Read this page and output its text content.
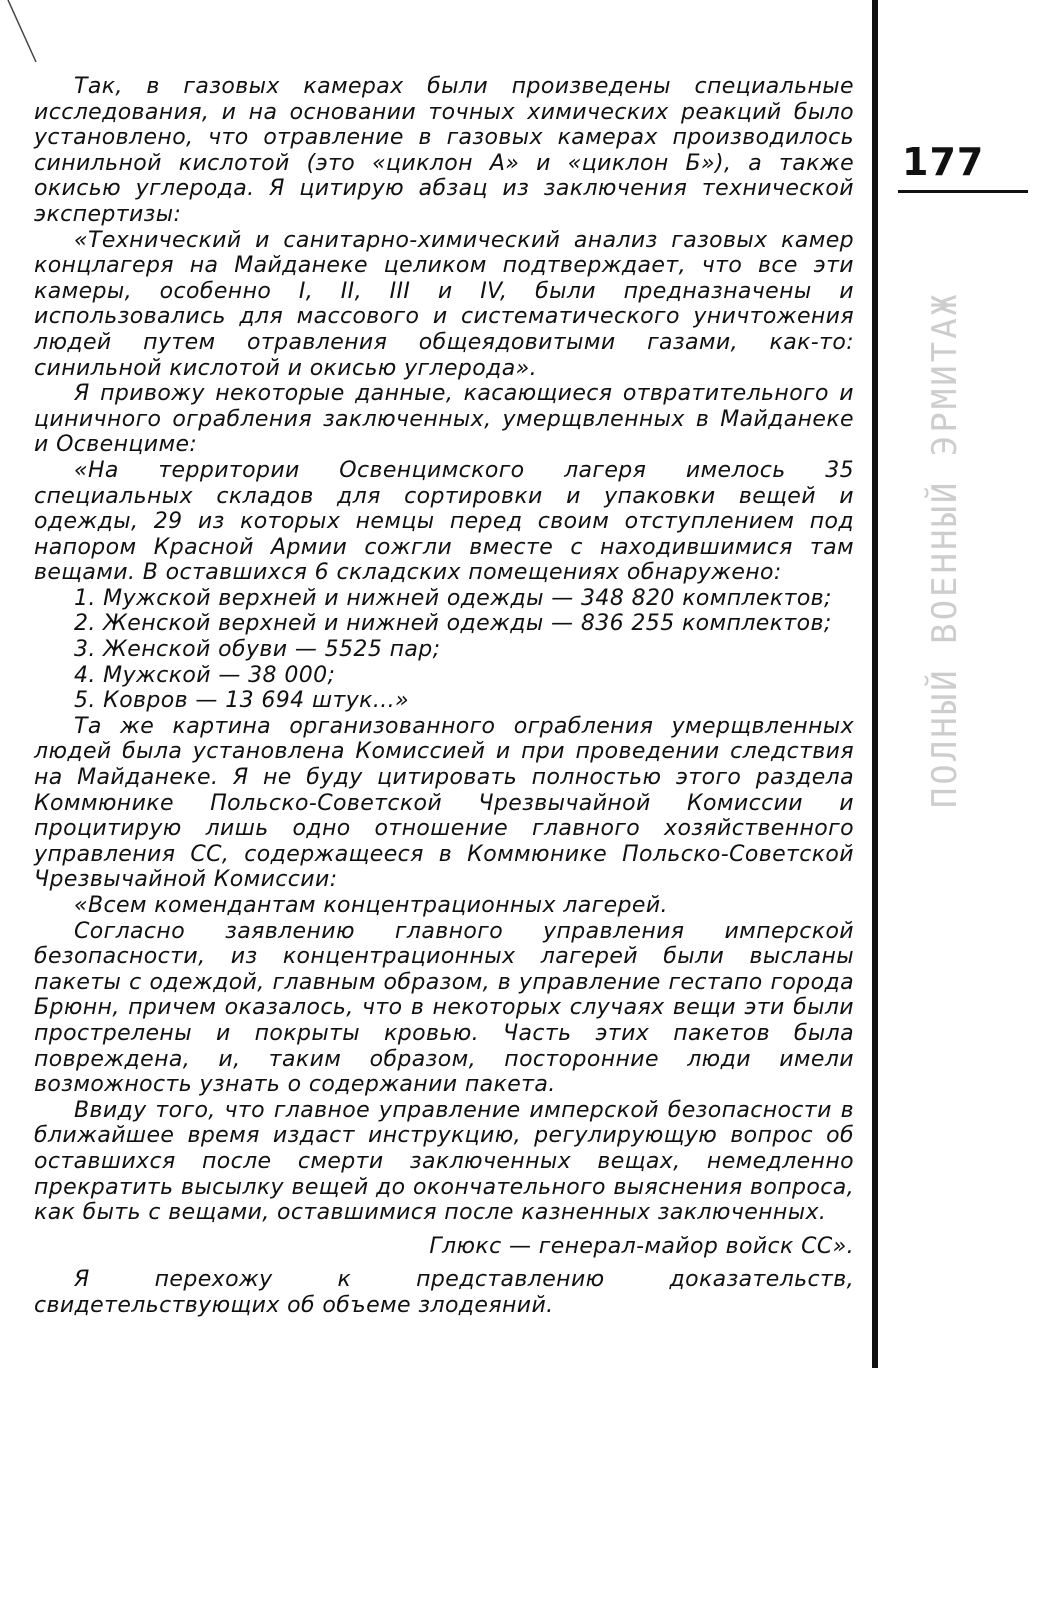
177
ПОЛНЫЙ ВОЕННЫЙ ЭРМИТАЖ

Так, в газовых камерах были произведены специальные исследования, и на основании точных химических реакций было установлено, что отравление в газовых камерах производилось синильной кислотой (это «циклон А» и «циклон Б»), а также окисью углерода. Я цитирую абзац из заключения технической экспертизы:

«Технический и санитарно-химический анализ газовых камер концлагеря на Майданеке целиком подтверждает, что все эти камеры, особенно I, II, III и IV, были предназначены и использовались для массового и систематического уничтожения людей путем отравления общеядовитыми газами, как-то: синильной кислотой и окисью углерода».

Я привожу некоторые данные, касающиеся отвратительного и циничного ограбления заключенных, умерщвленных в Майданеке и Освенциме:

«На территории Освенцимского лагеря имелось 35 специальных складов для сортировки и упаковки вещей и одежды, 29 из которых немцы перед своим отступлением под напором Красной Армии сожгли вместе с находившимися там вещами. В оставшихся 6 складских помещениях обнаружено:

1. Мужской верхней и нижней одежды — 348 820 комплектов;

2. Женской верхней и нижней одежды — 836 255 комплектов;

3. Женской обуви — 5525 пар;

4. Мужской — 38 000;

5. Ковров — 13 694 штук...»

Та же картина организованного ограбления умерщвленных людей была установлена Комиссией и при проведении следствия на Майданеке. Я не буду цитировать полностью этого раздела Коммюнике Польско-Советской Чрезвычайной Комиссии и процитирую лишь одно отношение главного хозяйственного управления СС, содержащееся в Коммюнике Польско-Советской Чрезвычайной Комиссии:

«Всем комендантам концентрационных лагерей.

Согласно заявлению главного управления имперской безопасности, из концентрационных лагерей были высланы пакеты с одеждой, главным образом, в управление гестапо города Брюнн, причем оказалось, что в некоторых случаях вещи эти были прострелены и покрыты кровью. Часть этих пакетов была повреждена, и, таким образом, посторонние люди имели возможность узнать о содержании пакета.

Ввиду того, что главное управление имперской безопасности в ближайшее время издаст инструкцию, регулирующую вопрос об оставшихся после смерти заключенных вещах, немедленно прекратить высылку вещей до окончательного выяснения вопроса, как быть с вещами, оставшимися после казненных заключенных.

Глюкс — генерал-майор войск СС».

Я перехожу к представлению доказательств, свидетельствующих об объеме злодеяний.
